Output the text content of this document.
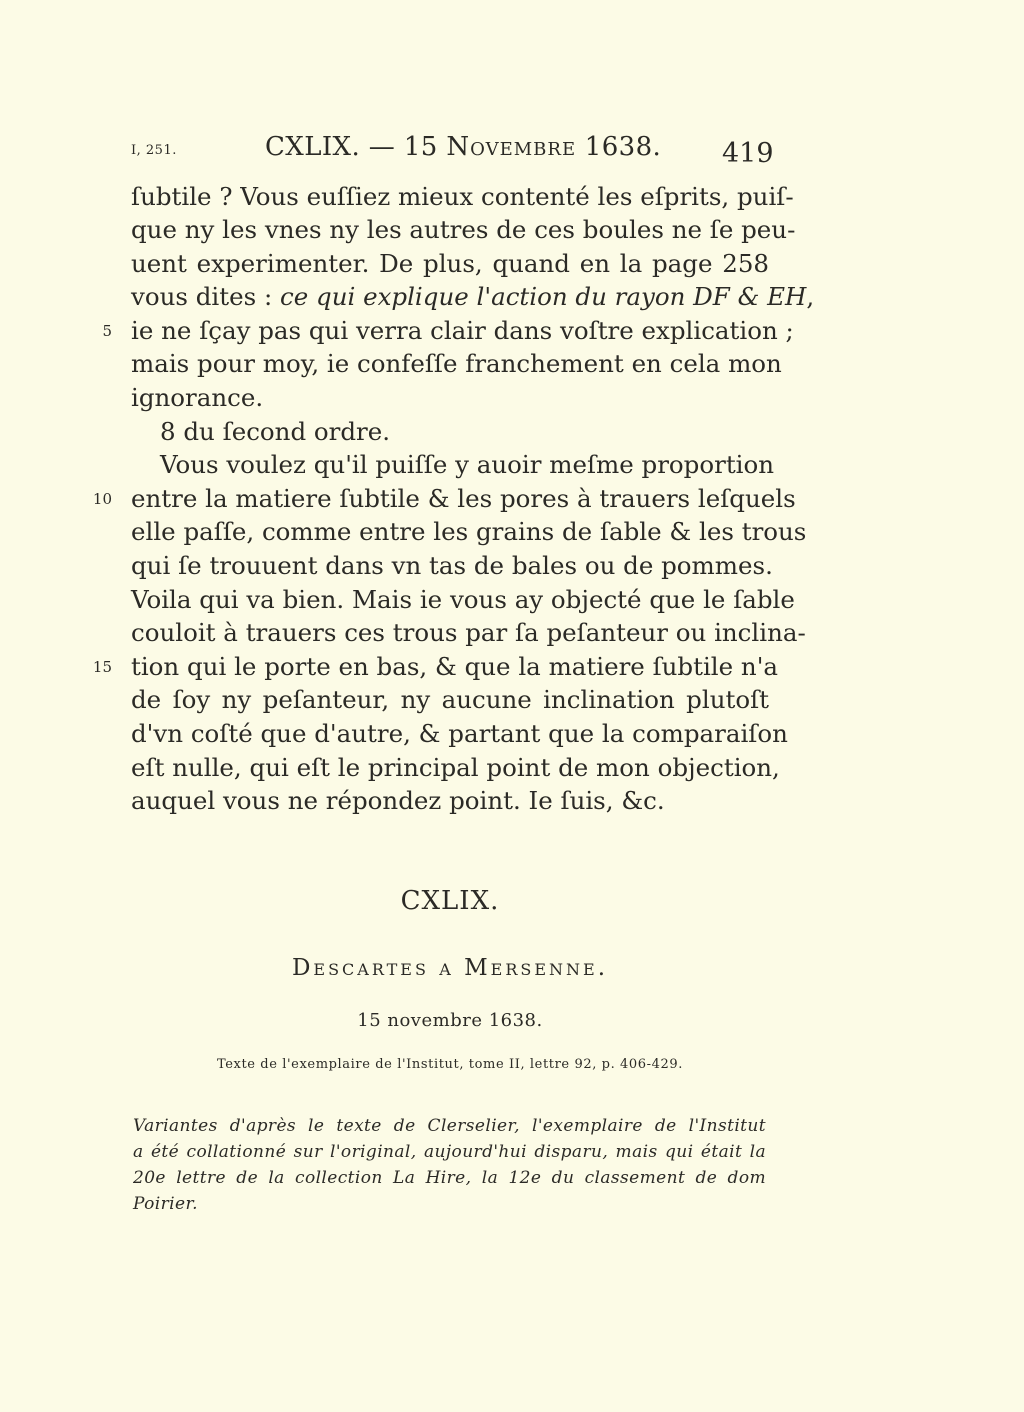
I, 251.	CXLIX. — 15 Novembre 1638. 419
ſubtile ? Vous euſſiez mieux contenté les eſprits, puiſ-
que ny les vnes ny les autres de ces boules ne ſe peu-
uent experimenter. De plus, quand en la page 258
vous dites : ce qui explique l'action du rayon DF & EH,
5 ie ne ſçay pas qui verra clair dans voſtre explication ;
mais pour moy, ie confeſſe franchement en cela mon
ignorance.
8 du ſecond ordre.
Vous voulez qu'il puiſſe y auoir meſme proportion
10 entre la matiere ſubtile & les pores à trauers leſquels
elle paſſe, comme entre les grains de ſable & les trous
qui ſe trouuent dans vn tas de bales ou de pommes.
Voila qui va bien. Mais ie vous ay objecté que le ſable
couloit à trauers ces trous par ſa peſanteur ou inclina-
15 tion qui le porte en bas, & que la matiere ſubtile n'a
de ſoy ny peſanteur, ny aucune inclination plutoſt
d'vn coſté que d'autre, & partant que la comparaiſon
eſt nulle, qui eſt le principal point de mon objection,
auquel vous ne répondez point. Ie ſuis, &c.
CXLIX.
Descartes a Mersenne.
15 novembre 1638.
Texte de l'exemplaire de l'Institut, tome II, lettre 92, p. 406-429.
Variantes d'après le texte de Clerselier, l'exemplaire de l'Institut
a été collationné sur l'original, aujourd'hui disparu, mais qui était la
20e lettre de la collection La Hire, la 12e du classement de dom
Poirier.
